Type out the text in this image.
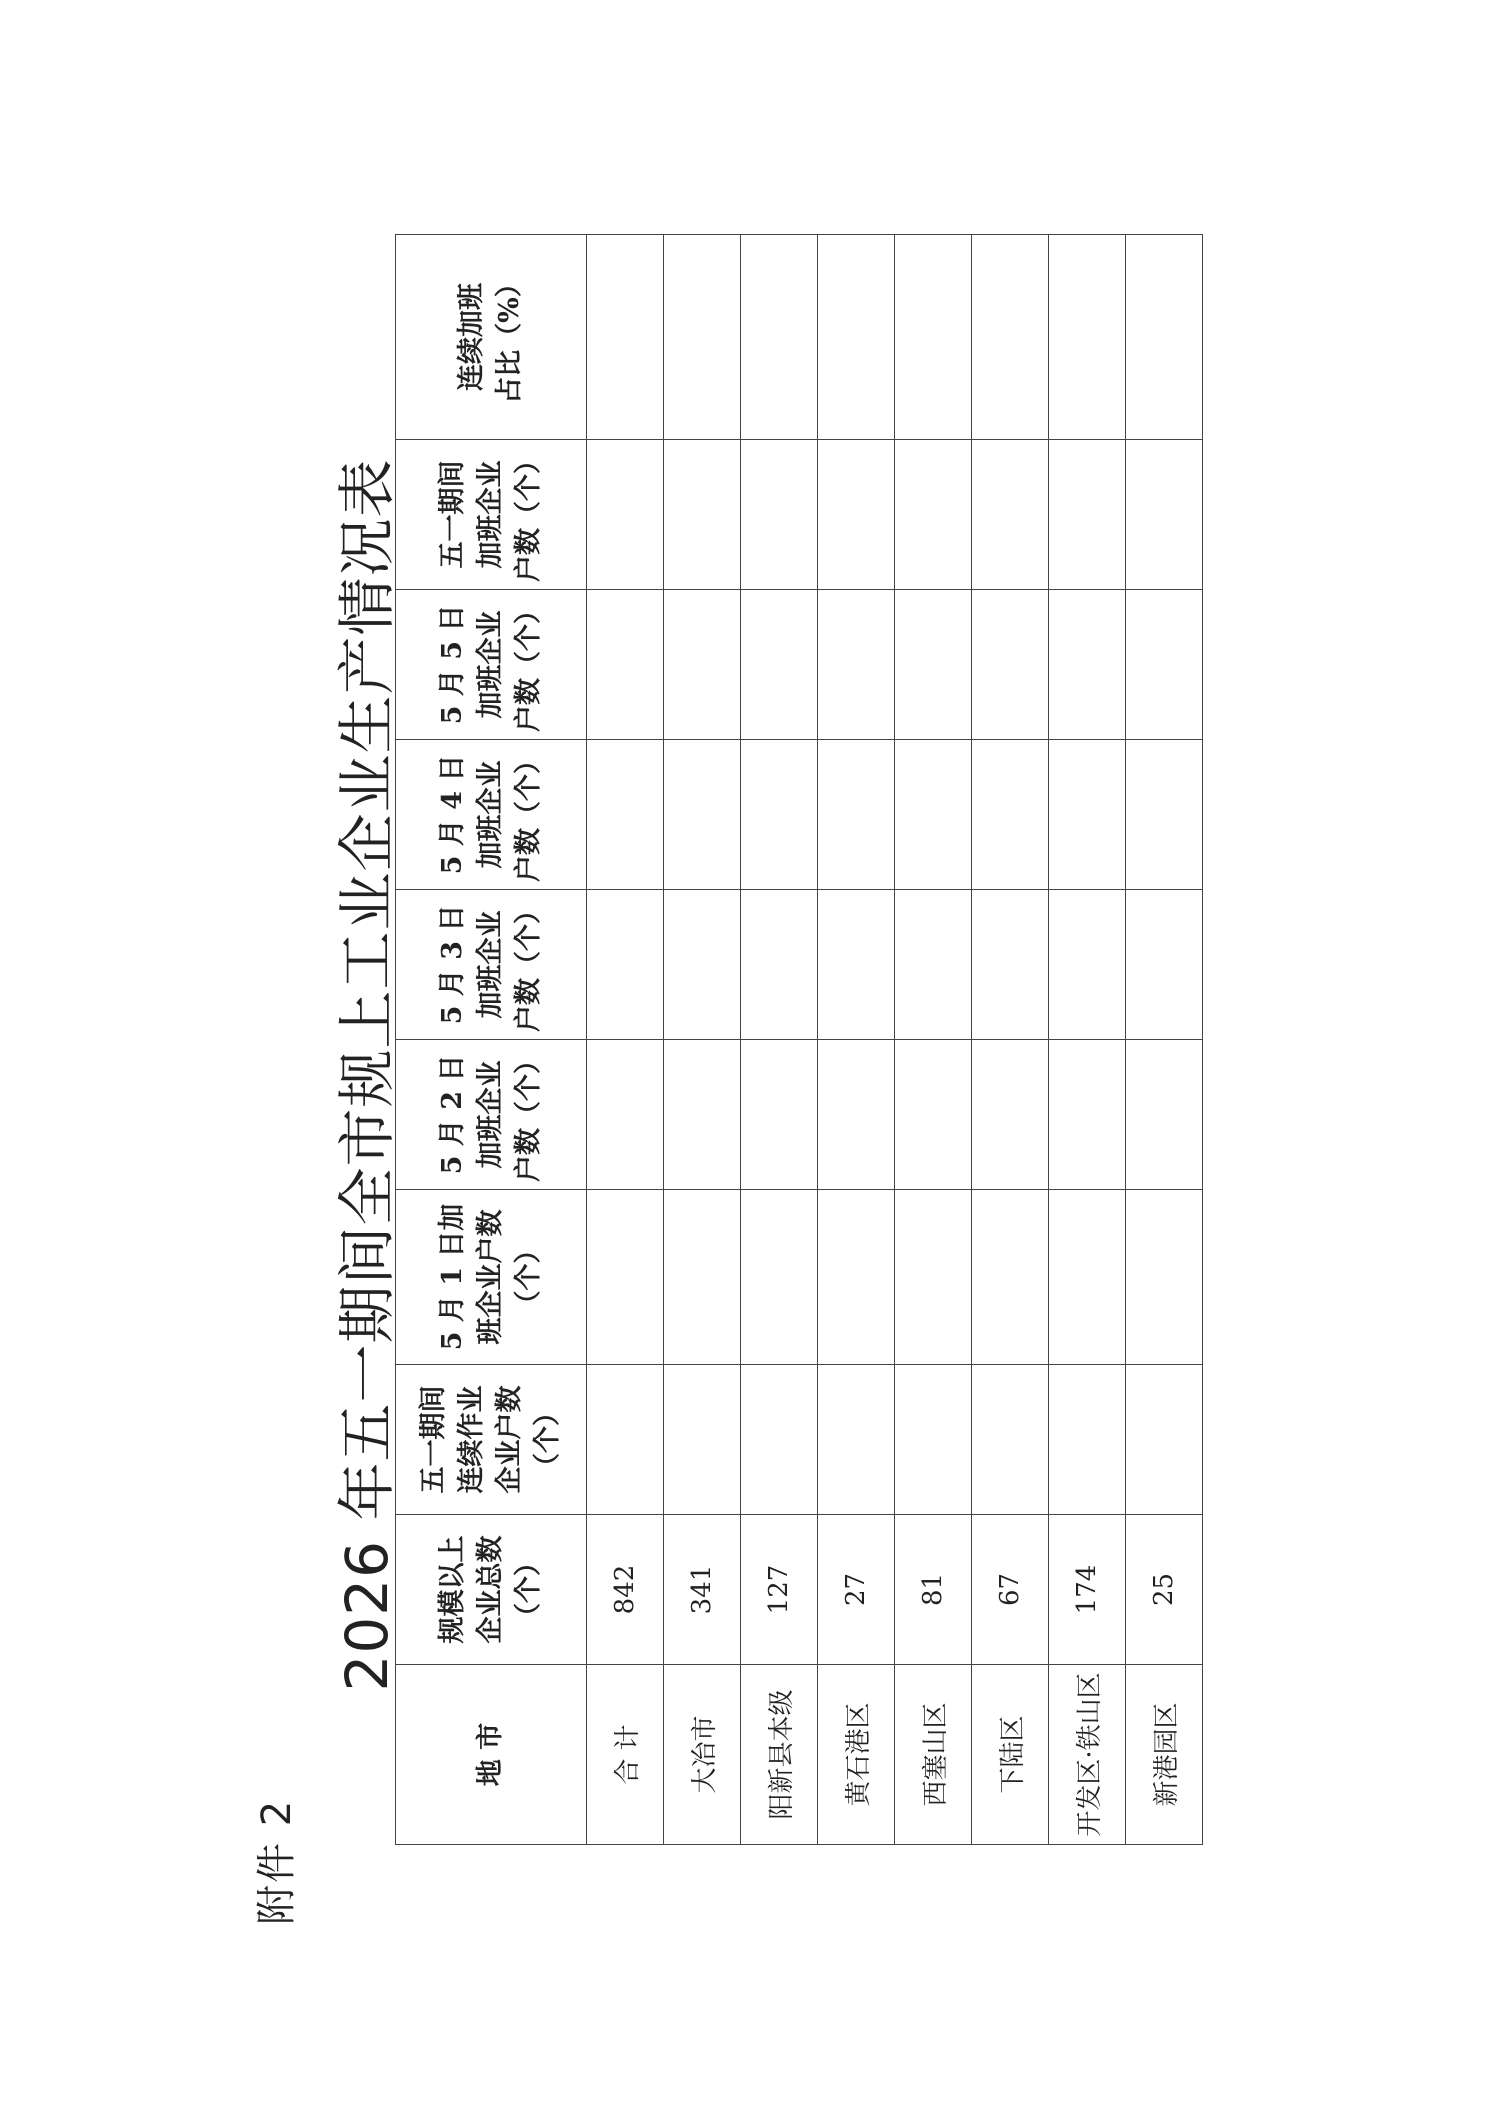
附件 2
2026 年五一期间全市规上工业企业生产情况表
地 市	规模以上
企业总数
（个）	五一期间
连续作业
企业户数
（个）	5 月 1 日加
班企业户数
（个）	5 月 2 日
加班企业
户数（个）	5 月 3 日
加班企业
户数（个）	5 月 4 日
加班企业
户数（个）	5 月 5 日
加班企业
户数（个）	五一期间
加班企业
户数（个）	连续加班
占比（%）
合 计	842								
大冶市	341								
阳新县本级	127								
黄石港区	27								
西塞山区	81								
下陆区	67								
开发区·铁山区	174								
新港园区	25								
